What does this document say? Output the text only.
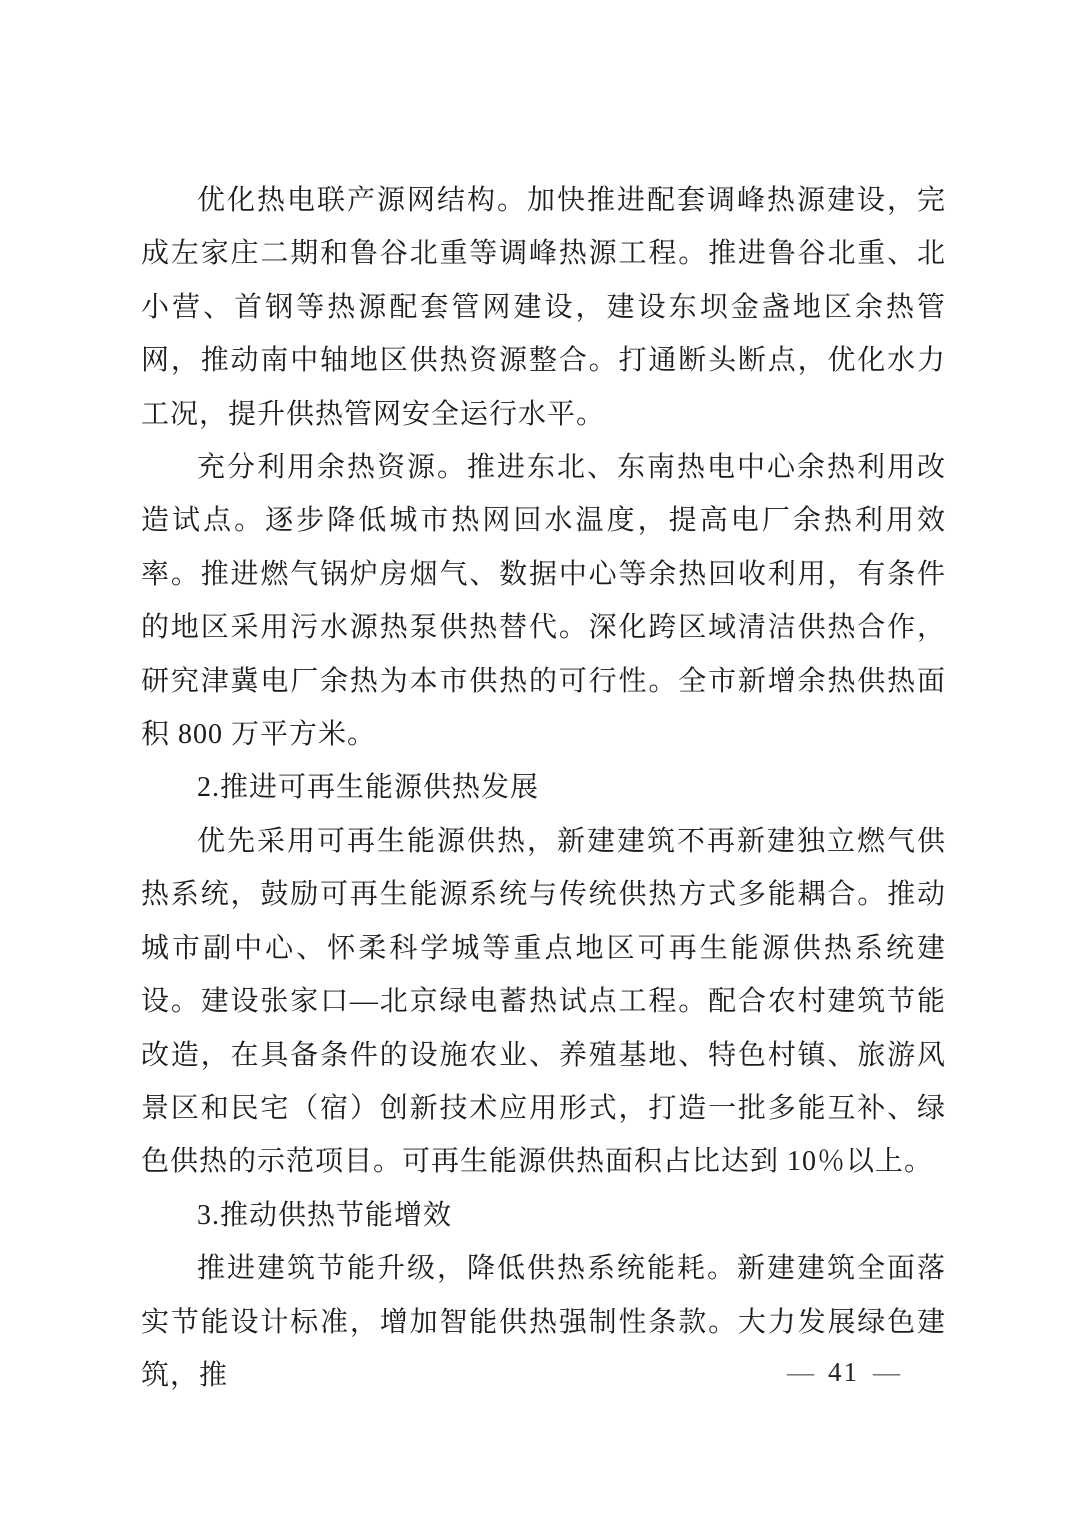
优化热电联产源网结构。加快推进配套调峰热源建设，完成左家庄二期和鲁谷北重等调峰热源工程。推进鲁谷北重、北小营、首钢等热源配套管网建设，建设东坝金盏地区余热管网，推动南中轴地区供热资源整合。打通断头断点，优化水力工况，提升供热管网安全运行水平。

充分利用余热资源。推进东北、东南热电中心余热利用改造试点。逐步降低城市热网回水温度，提高电厂余热利用效率。推进燃气锅炉房烟气、数据中心等余热回收利用，有条件的地区采用污水源热泵供热替代。深化跨区域清洁供热合作，研究津冀电厂余热为本市供热的可行性。全市新增余热供热面积 800 万平方米。

2.推进可再生能源供热发展

优先采用可再生能源供热，新建建筑不再新建独立燃气供热系统，鼓励可再生能源系统与传统供热方式多能耦合。推动城市副中心、怀柔科学城等重点地区可再生能源供热系统建设。建设张家口—北京绿电蓄热试点工程。配合农村建筑节能改造，在具备条件的设施农业、养殖基地、特色村镇、旅游风景区和民宅（宿）创新技术应用形式，打造一批多能互补、绿色供热的示范项目。可再生能源供热面积占比达到 10％以上。

3.推动供热节能增效

推进建筑节能升级，降低供热系统能耗。新建建筑全面落实节能设计标准，增加智能供热强制性条款。大力发展绿色建筑，推	— 41 —
